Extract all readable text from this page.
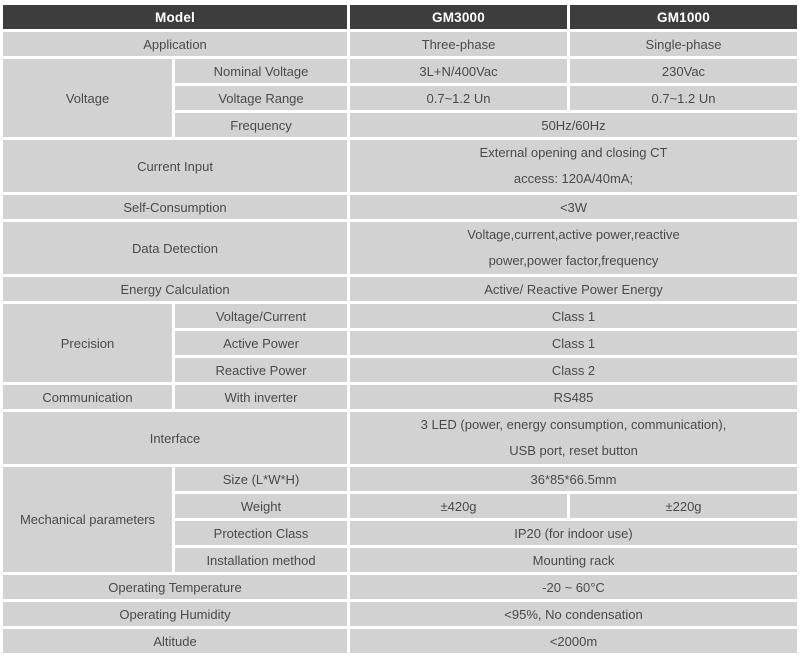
Model		GM3000	GM1000
Application		Three-phase	Single-phase
Voltage	Nominal Voltage	3L+N/400Vac	230Vac
	Voltage Range	0.7~1.2 Un	0.7~1.2 Un
	Frequency	50Hz/60Hz	
Current Input		External opening and closing CT
access: 120A/40mA;	

Self-Consumption		<3W	
Data Detection		Voltage,current,active power,reactive
power,power factor,frequency	

Energy Calculation		Active/ Reactive Power Energy	
Precision	Voltage/Current	Class 1	
	Active Power	Class 1	
	Reactive Power	Class 2	
Communication	With inverter	RS485	
Interface		3 LED (power, energy consumption, communication),
USB port, reset button	

Mechanical parameters	Size (L*W*H)	36*85*66.5mm	
	Weight	±420g	±220g
	Protection Class	IP20 (for indoor use)	
	Installation method	Mounting rack	
Operating Temperature		-20 ~ 60°C	
Operating Humidity		<95%, No condensation	
Altitude		<2000m	
